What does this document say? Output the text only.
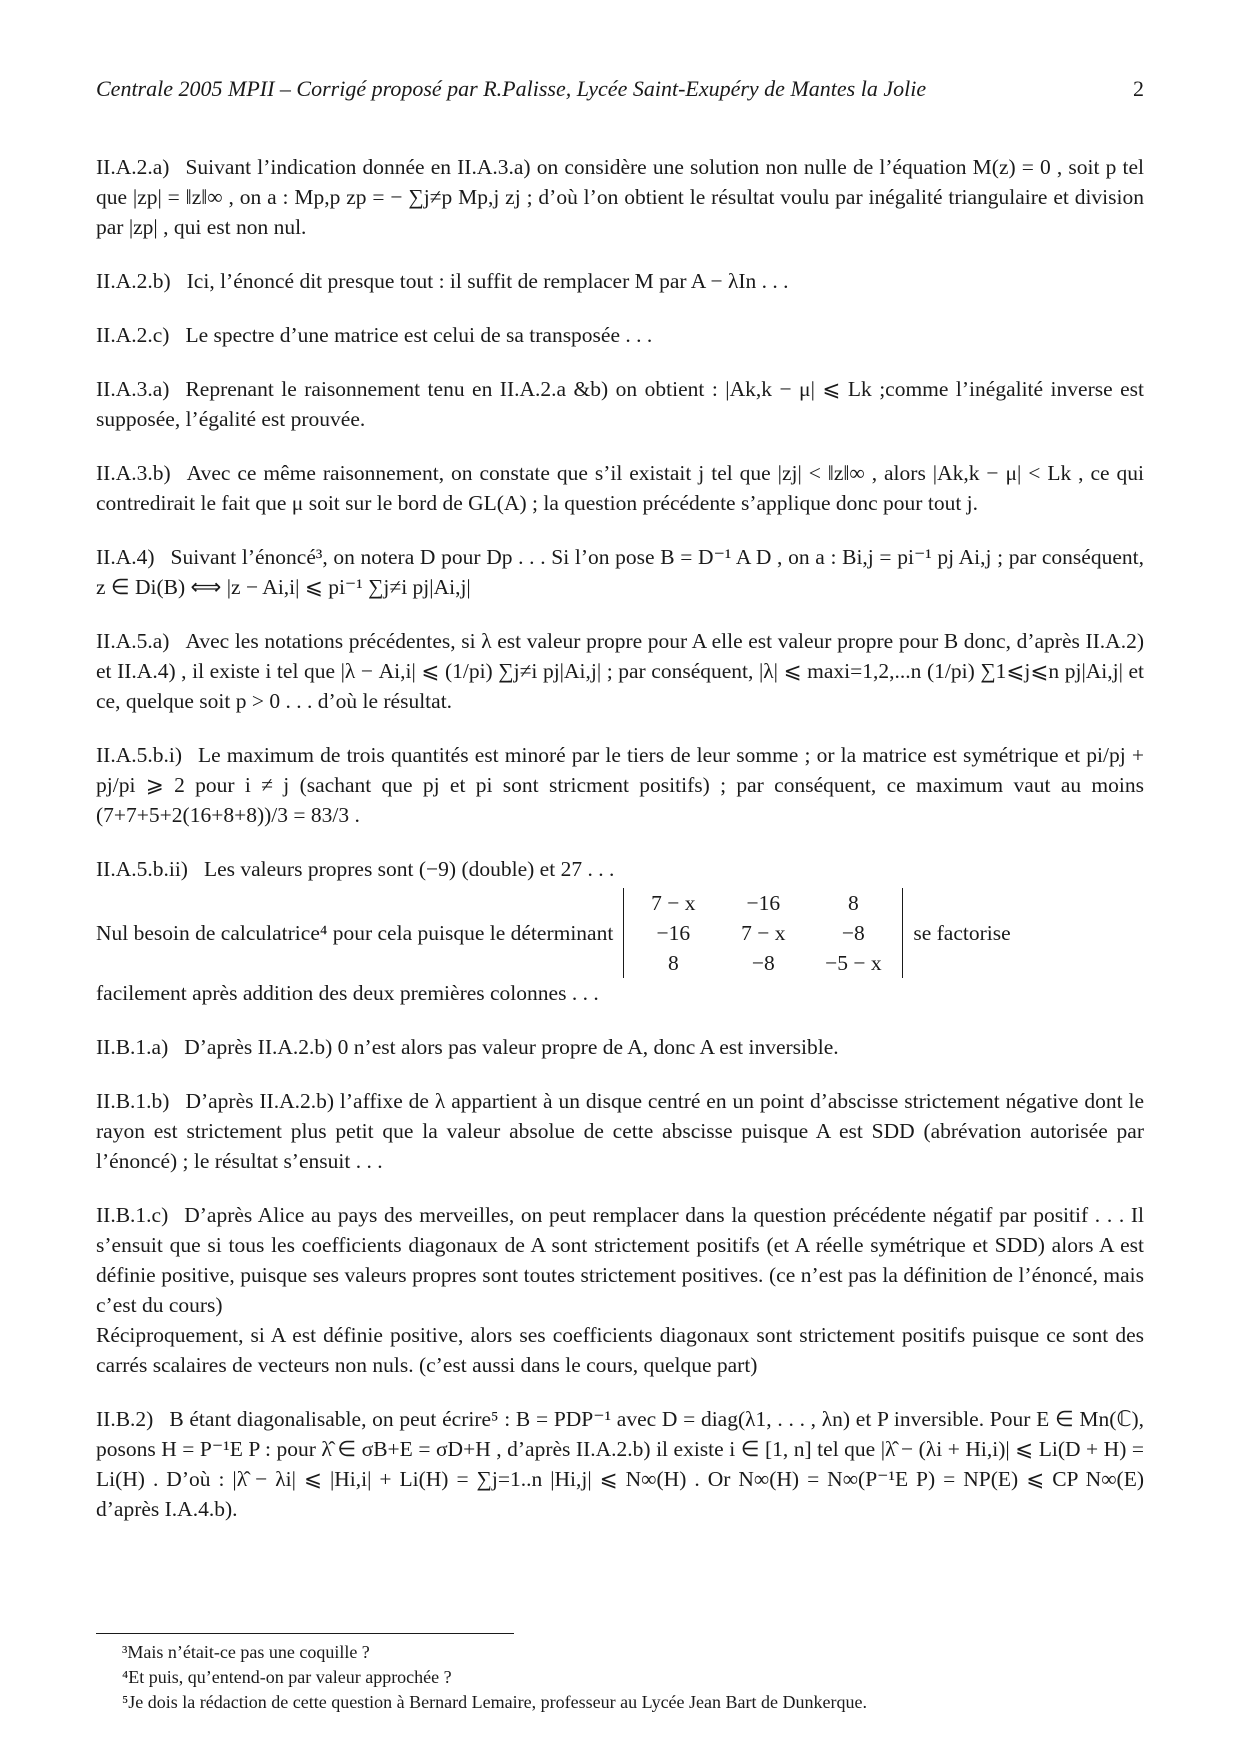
Centrale 2005 MPII – Corrigé proposé par R.Palisse, Lycée Saint-Exupéry de Mantes la Jolie	2

II.A.2.a) Suivant l’indication donnée en II.A.3.a) on considère une solution non nulle de l’équation M(z) = 0 , soit p tel que |zp| = ‖z‖∞ , on a : Mp,p zp = − ∑j≠p Mp,j zj ; d’où l’on obtient le résultat voulu par inégalité triangulaire et division par |zp| , qui est non nul.

II.A.2.b) Ici, l’énoncé dit presque tout : il suffit de remplacer M par A − λIn . . .

II.A.2.c) Le spectre d’une matrice est celui de sa transposée . . .

II.A.3.a) Reprenant le raisonnement tenu en II.A.2.a &b) on obtient : |Ak,k − μ| ⩽ Lk ;comme l’inégalité inverse est supposée, l’égalité est prouvée.

II.A.3.b) Avec ce même raisonnement, on constate que s’il existait j tel que |zj| < ‖z‖∞ , alors |Ak,k − μ| < Lk , ce qui contredirait le fait que μ soit sur le bord de GL(A) ; la question précédente s’applique donc pour tout j.

II.A.4) Suivant l’énoncé³, on notera D pour Dp . . . Si l’on pose B = D⁻¹ A D , on a : Bi,j = pi⁻¹ pj Ai,j ; par conséquent, z ∈ Di(B) ⟺ |z − Ai,i| ⩽ pi⁻¹ ∑j≠i pj|Ai,j|

II.A.5.a) Avec les notations précédentes, si λ est valeur propre pour A elle est valeur propre pour B donc, d’après II.A.2) et II.A.4) , il existe i tel que |λ − Ai,i| ⩽ (1/pi) ∑j≠i pj|Ai,j| ; par conséquent, |λ| ⩽ maxi=1,2,...n (1/pi) ∑1⩽j⩽n pj|Ai,j| et ce, quelque soit p > 0 . . . d’où le résultat.

II.A.5.b.i) Le maximum de trois quantités est minoré par le tiers de leur somme ; or la matrice est symétrique et pi/pj + pj/pi ⩾ 2 pour i ≠ j (sachant que pj et pi sont stricment positifs) ; par conséquent, ce maximum vaut au moins (7+7+5+2(16+8+8))/3 = 83/3 .

II.A.5.b.ii) Les valeurs propres sont (−9) (double) et 27 . . .

Nul besoin de calculatrice⁴ pour cela puisque le déterminant
7 − x	−16	8
−16	7 − x	−8
8	−8	−5 − x
se factorise

facilement après addition des deux premières colonnes . . .

II.B.1.a) D’après II.A.2.b) 0 n’est alors pas valeur propre de A, donc A est inversible.

II.B.1.b) D’après II.A.2.b) l’affixe de λ appartient à un disque centré en un point d’abscisse strictement négative dont le rayon est strictement plus petit que la valeur absolue de cette abscisse puisque A est SDD (abrévation autorisée par l’énoncé) ; le résultat s’ensuit . . .

II.B.1.c) D’après Alice au pays des merveilles, on peut remplacer dans la question précédente négatif par positif . . . Il s’ensuit que si tous les coefficients diagonaux de A sont strictement positifs (et A réelle symétrique et SDD) alors A est définie positive, puisque ses valeurs propres sont toutes strictement positives. (ce n’est pas la définition de l’énoncé, mais c’est du cours)

Réciproquement, si A est définie positive, alors ses coefficients diagonaux sont strictement positifs puisque ce sont des carrés scalaires de vecteurs non nuls. (c’est aussi dans le cours, quelque part)

II.B.2) B étant diagonalisable, on peut écrire⁵ : B = PDP⁻¹ avec D = diag(λ1, . . . , λn) et P inversible. Pour E ∈ Mn(ℂ), posons H = P⁻¹E P : pour λ̂ ∈ σB+E = σD+H , d’après II.A.2.b) il existe i ∈ [1, n] tel que |λ̂ − (λi + Hi,i)| ⩽ Li(D + H) = Li(H) . D’où : |λ̂ − λi| ⩽ |Hi,i| + Li(H) = ∑j=1..n |Hi,j| ⩽ N∞(H) . Or N∞(H) = N∞(P⁻¹E P) = NP(E) ⩽ CP N∞(E) d’après I.A.4.b).

³Mais n’était-ce pas une coquille ?

⁴Et puis, qu’entend-on par valeur approchée ?

⁵Je dois la rédaction de cette question à Bernard Lemaire, professeur au Lycée Jean Bart de Dunkerque.
